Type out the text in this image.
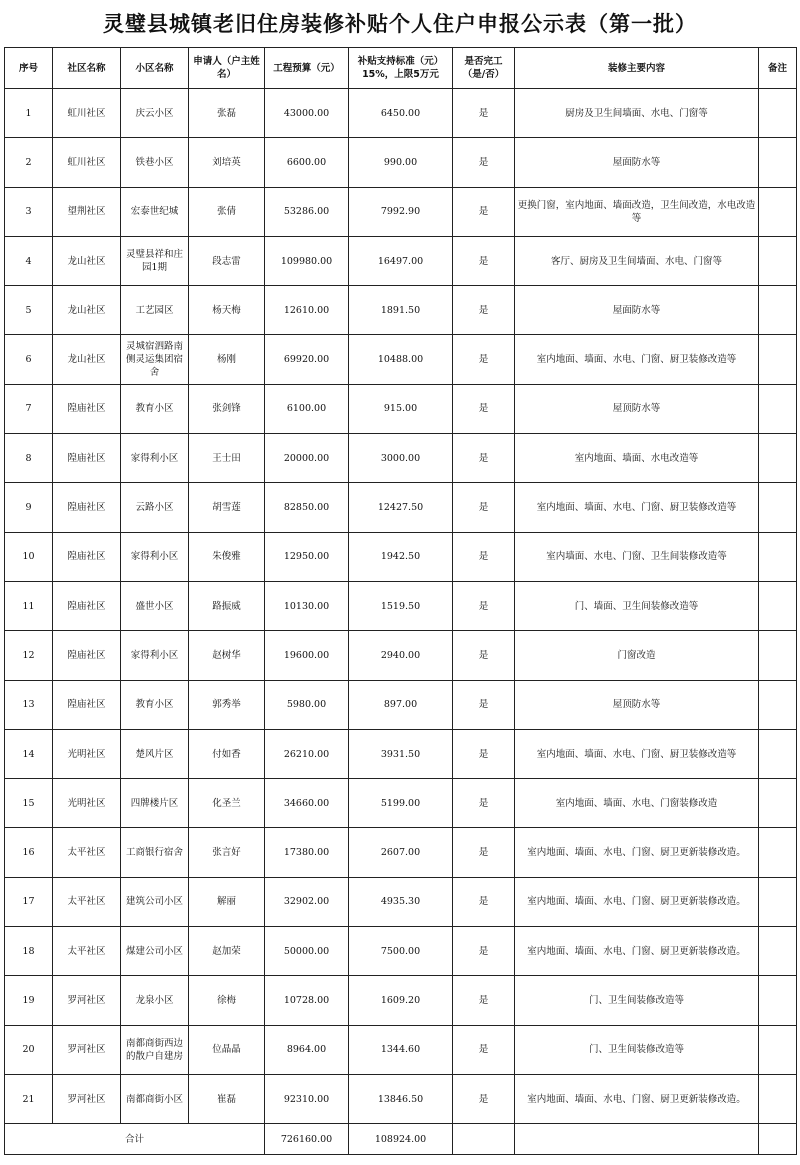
灵璧县城镇老旧住房装修补贴个人住户申报公示表（第一批）
序号	社区名称	小区名称	申请人（户主姓名）	工程预算（元）	补贴支持标准（元）15%，上限5万元	是否完工（是/否）	装修主要内容	备注
1	虹川社区	庆云小区	张磊	43000.00	6450.00	是	厨房及卫生间墙面、水电、门窗等	
2	虹川社区	铁巷小区	刘培英	6600.00	990.00	是	屋面防水等	
3	望荆社区	宏泰世纪城	张倩	53286.00	7992.90	是	更换门窗，室内地面、墙面改造，卫生间改造，水电改造等	
4	龙山社区	灵璧县祥和庄园1期	段志雷	109980.00	16497.00	是	客厅、厨房及卫生间墙面、水电、门窗等	
5	龙山社区	工艺园区	杨天梅	12610.00	1891.50	是	屋面防水等	
6	龙山社区	灵城宿泗路南侧灵运集团宿舍	杨刚	69920.00	10488.00	是	室内地面、墙面、水电、门窗、厨卫装修改造等	
7	隍庙社区	教育小区	张剑锋	6100.00	915.00	是	屋顶防水等	
8	隍庙社区	家得利小区	王士田	20000.00	3000.00	是	室内地面、墙面、水电改造等	
9	隍庙社区	云路小区	胡雪莲	82850.00	12427.50	是	室内地面、墙面、水电、门窗、厨卫装修改造等	
10	隍庙社区	家得利小区	朱俊雅	12950.00	1942.50	是	室内墙面、水电、门窗、卫生间装修改造等	
11	隍庙社区	盛世小区	路振威	10130.00	1519.50	是	门、墙面、卫生间装修改造等	
12	隍庙社区	家得利小区	赵树华	19600.00	2940.00	是	门窗改造	
13	隍庙社区	教育小区	郭秀举	5980.00	897.00	是	屋顶防水等	
14	光明社区	楚风片区	付如香	26210.00	3931.50	是	室内地面、墙面、水电、门窗、厨卫装修改造等	
15	光明社区	四牌楼片区	化圣兰	34660.00	5199.00	是	室内地面、墙面、水电、门窗装修改造	
16	太平社区	工商银行宿舍	张言好	17380.00	2607.00	是	室内地面、墙面、水电、门窗、厨卫更新装修改造。	
17	太平社区	建筑公司小区	解丽	32902.00	4935.30	是	室内地面、墙面、水电、门窗、厨卫更新装修改造。	
18	太平社区	煤建公司小区	赵加荣	50000.00	7500.00	是	室内地面、墙面、水电、门窗、厨卫更新装修改造。	
19	罗河社区	龙泉小区	徐梅	10728.00	1609.20	是	门、卫生间装修改造等	
20	罗河社区	南都商街西边的散户自建房	位晶晶	8964.00	1344.60	是	门、卫生间装修改造等	
21	罗河社区	南都商街小区	崔磊	92310.00	13846.50	是	室内地面、墙面、水电、门窗、厨卫更新装修改造。	
合计				726160.00	108924.00			
